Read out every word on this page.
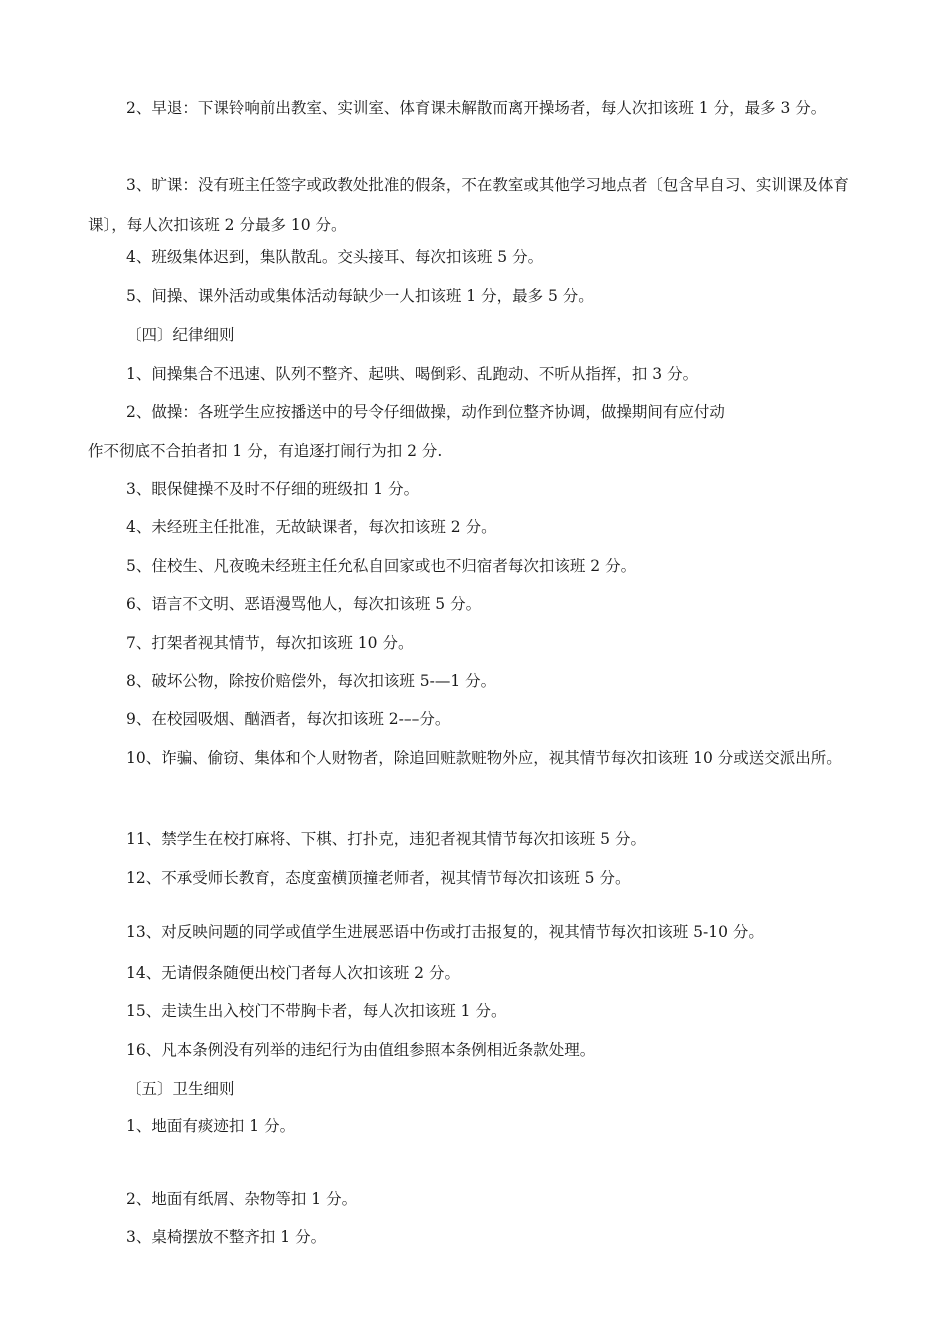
2、早退：下课铃响前出教室、实训室、体育课未解散而离开操场者，每人次扣该班 1 分，最多 3 分。
3、旷课：没有班主任签字或政教处批准的假条，不在教室或其他学习地点者〔包含早自习、实训课及体育课〕，每人次扣该班 2 分最多 10 分。
4、班级集体迟到，集队散乱。交头接耳、每次扣该班 5 分。
5、间操、课外活动或集体活动每缺少一人扣该班 1 分，最多 5 分。
〔四〕纪律细则
1、间操集合不迅速、队列不整齐、起哄、喝倒彩、乱跑动、不听从指挥，扣 3 分。
2、做操：各班学生应按播送中的号令仔细做操，动作到位整齐协调，做操期间有应付动
作不彻底不合拍者扣 1 分，有追逐打闹行为扣 2 分.
3、眼保健操不及时不仔细的班级扣 1 分。
4、未经班主任批准，无故缺课者，每次扣该班 2 分。
5、住校生、凡夜晚未经班主任允私自回家或也不归宿者每次扣该班 2 分。
6、语言不文明、恶语漫骂他人，每次扣该班 5 分。
7、打架者视其情节，每次扣该班 10 分。
8、破坏公物，除按价赔偿外，每次扣该班 5-—1 分。
9、在校园吸烟、酗酒者，每次扣该班 2-––分。
10、诈骗、偷窃、集体和个人财物者，除追回赃款赃物外应，视其情节每次扣该班 10 分或送交派出所。
11、禁学生在校打麻将、下棋、打扑克，违犯者视其情节每次扣该班 5 分。
12、不承受师长教育，态度蛮横顶撞老师者，视其情节每次扣该班 5 分。
13、对反映问题的同学或值学生进展恶语中伤或打击报复的，视其情节每次扣该班 5-10 分。
14、无请假条随便出校门者每人次扣该班 2 分。
15、走读生出入校门不带胸卡者，每人次扣该班 1 分。
16、凡本条例没有列举的违纪行为由值组参照本条例相近条款处理。
〔五〕卫生细则
1、地面有痰迹扣 1 分。
2、地面有纸屑、杂物等扣 1 分。
3、桌椅摆放不整齐扣 1 分。
